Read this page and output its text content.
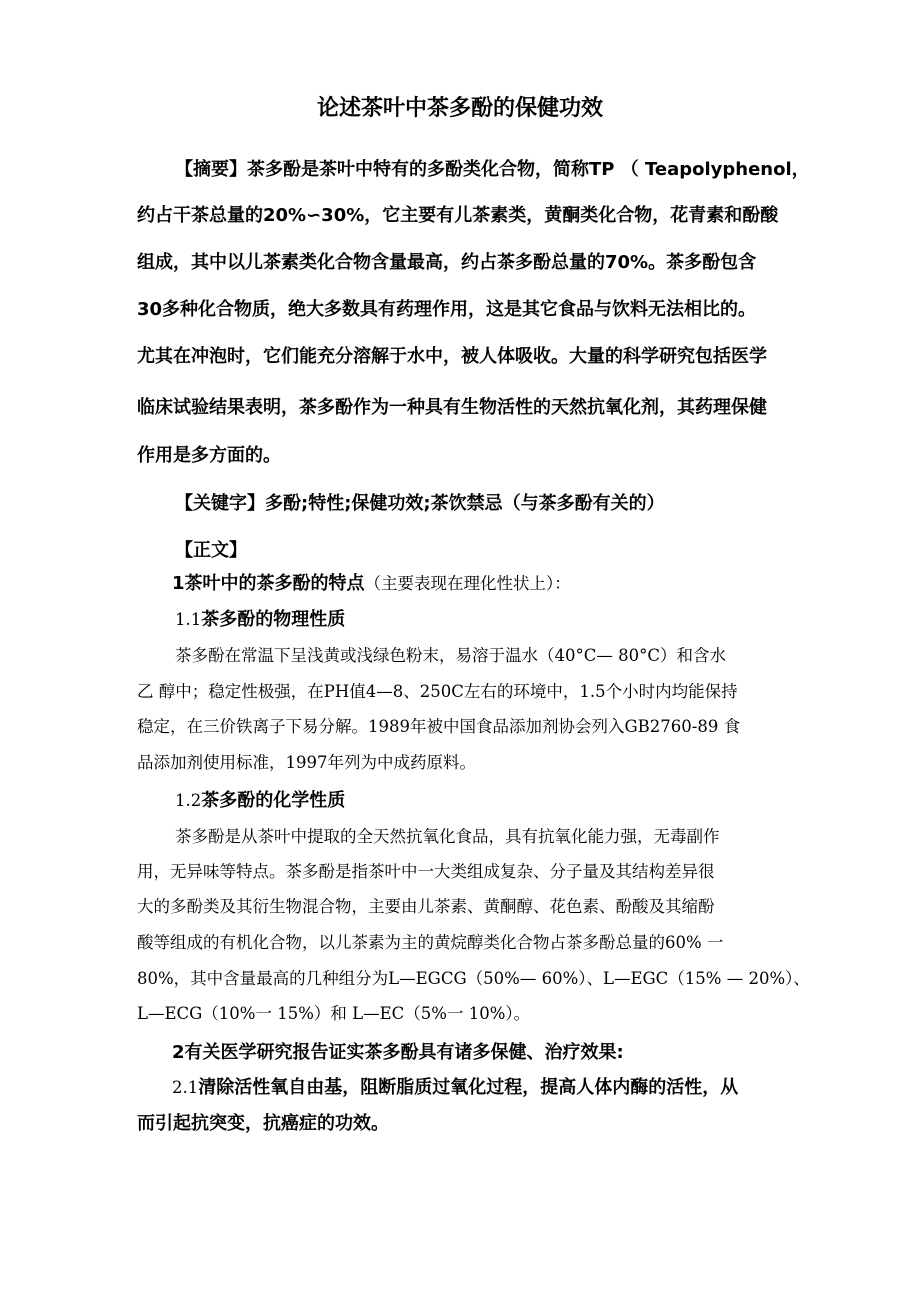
论述茶叶中茶多酚的保健功效
【摘要】茶多酚是茶叶中特有的多酚类化合物，简称TP （ Teapolyphenol，
约占干茶总量的20%∽30%，它主要有儿茶素类，黄酮类化合物，花青素和酚酸
组成，其中以儿茶素类化合物含量最高，约占茶多酚总量的70%。茶多酚包含
30多种化合物质，绝大多数具有药理作用，这是其它食品与饮料无法相比的。
尤其在冲泡时，它们能充分溶解于水中，被人体吸收。大量的科学研究包括医学
临床试验结果表明，茶多酚作为一种具有生物活性的天然抗氧化剂，其药理保健
作用是多方面的。
【关键字】多酚;特性;保健功效;茶饮禁忌（与茶多酚有关的）
【正文】
1茶叶中的茶多酚的特点（主要表现在理化性状上）：
1.1茶多酚的物理性质
茶多酚在常温下呈浅黄或浅绿色粉末，易溶于温水（40°C— 80°C）和含水
乙 醇中；稳定性极强，在PH值4—8、250C左右的环境中，1.5个小时内均能保持
稳定，在三价铁离子下易分解。1989年被中国食品添加剂协会列入GB2760-89 食
品添加剂使用标准，1997年列为中成药原料。
1.2茶多酚的化学性质
茶多酚是从茶叶中提取的全天然抗氧化食品，具有抗氧化能力强，无毒副作
用，无异味等特点。茶多酚是指茶叶中一大类组成复杂、分子量及其结构差异很
大的多酚类及其衍生物混合物，主要由儿茶素、黄酮醇、花色素、酚酸及其缩酚
酸等组成的有机化合物，以儿茶素为主的黄烷醇类化合物占茶多酚总量的60% 一
80%，其中含量最高的几种组分为L—EGCG（50%— 60%）、L—EGC（15% — 20%）、
L—ECG（10%一 15%）和 L—EC（5%一 10%）。
2有关医学研究报告证实茶多酚具有诸多保健、治疗效果:
2.1清除活性氧自由基，阻断脂质过氧化过程，提高人体内酶的活性，从
而引起抗突变，抗癌症的功效。
